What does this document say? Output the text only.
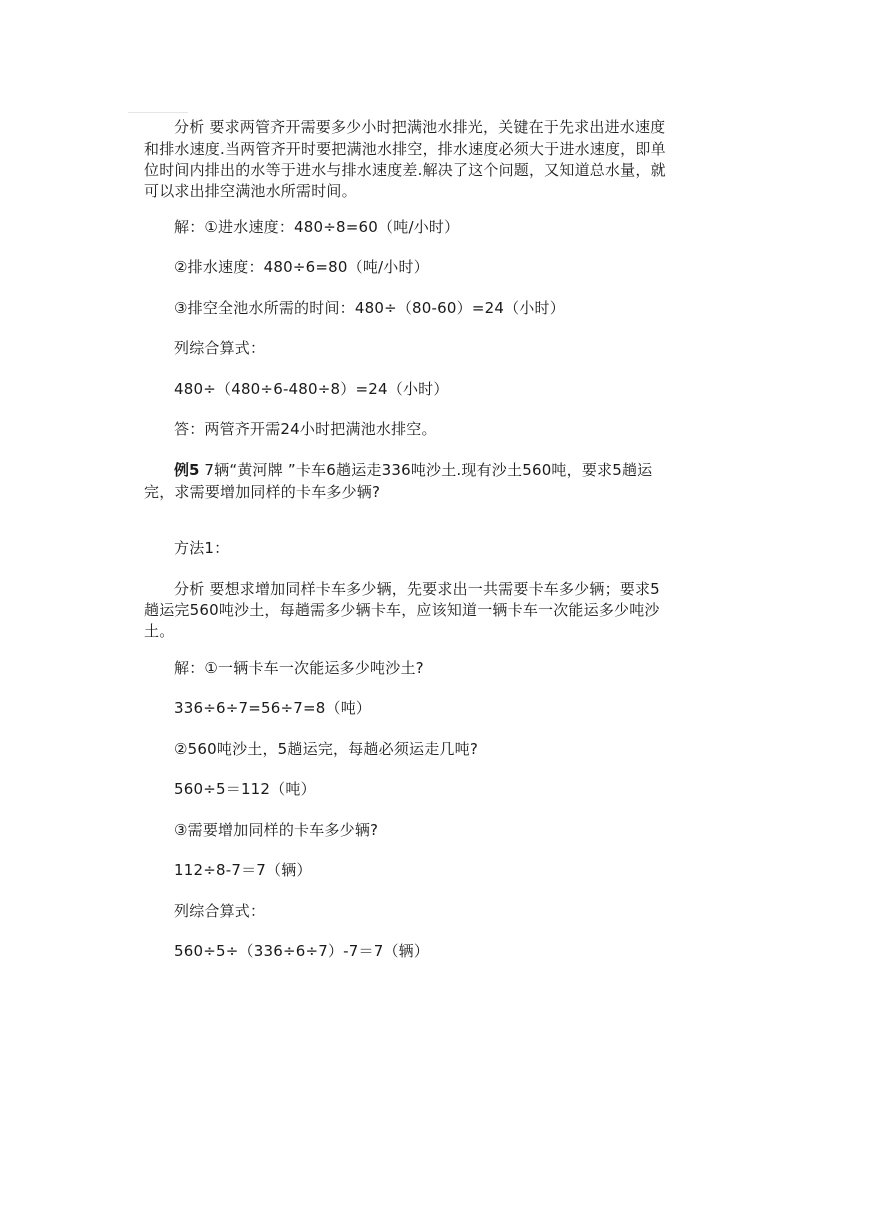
分析 要求两管齐开需要多少小时把满池水排光，关键在于先求出进水速度
和排水速度.当两管齐开时要把满池水排空，排水速度必须大于进水速度，即单
位时间内排出的水等于进水与排水速度差.解决了这个问题，又知道总水量，就
可以求出排空满池水所需时间。
解：①进水速度：480÷8=60（吨/小时）
②排水速度：480÷6=80（吨/小时）
③排空全池水所需的时间：480÷（80-60）=24（小时）
列综合算式：
480÷（480÷6-480÷8）=24（小时）
答：两管齐开需24小时把满池水排空。
例5 7辆“黄河牌 ”卡车6趟运走336吨沙土.现有沙土560吨，要求5趟运
完，求需要增加同样的卡车多少辆?
方法1：
分析 要想求增加同样卡车多少辆，先要求出一共需要卡车多少辆；要求5
趟运完560吨沙土，每趟需多少辆卡车，应该知道一辆卡车一次能运多少吨沙
土。
解：①一辆卡车一次能运多少吨沙土?
336÷6÷7=56÷7=8（吨）
②560吨沙土，5趟运完，每趟必须运走几吨?
560÷5＝112（吨）
③需要增加同样的卡车多少辆?
112÷8-7＝7（辆）
列综合算式：
560÷5÷（336÷6÷7）-7＝7（辆）
